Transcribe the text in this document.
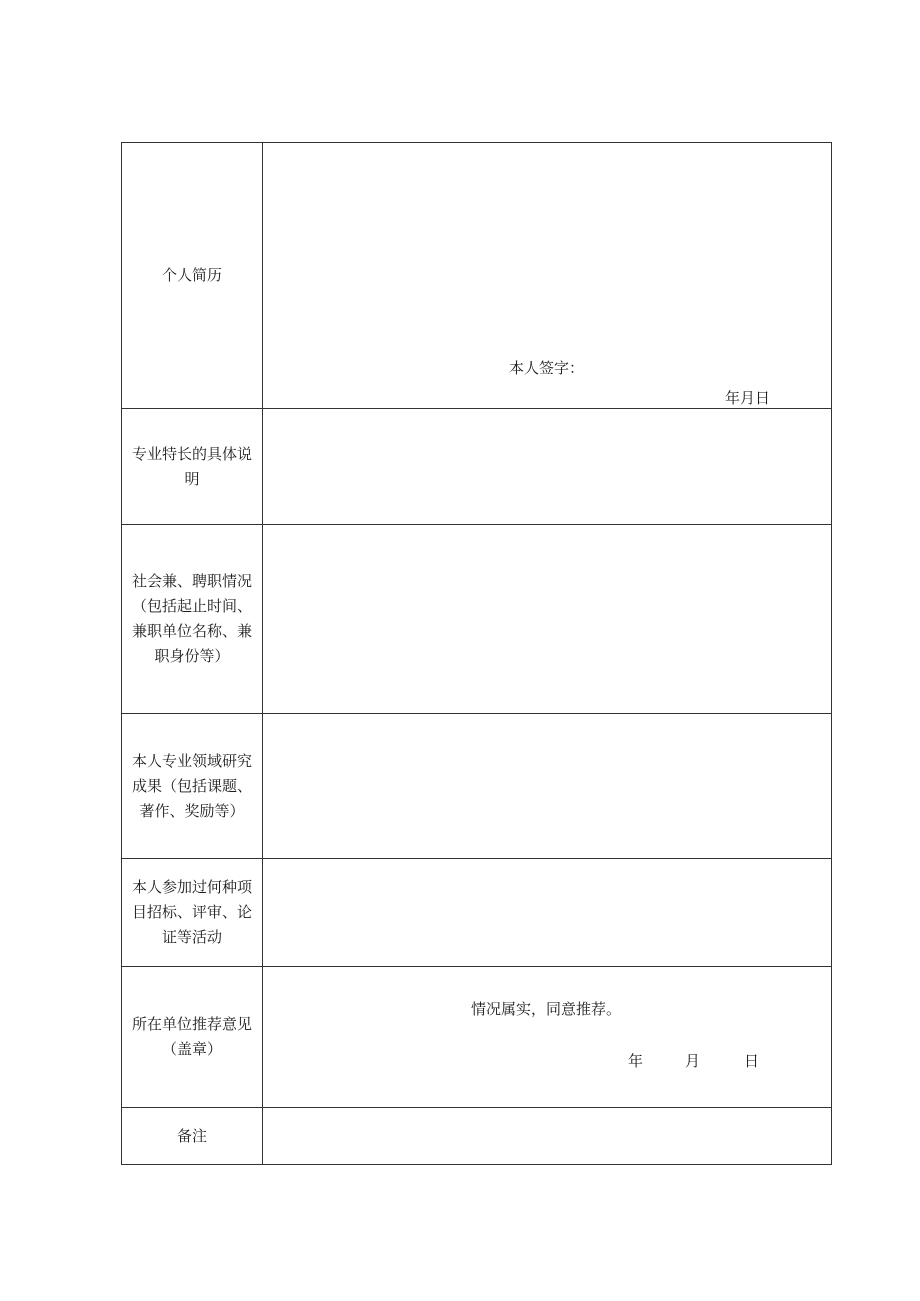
个人简历	本人签字：
年月日

专业特长的具体说明	
社会兼、聘职情况（包括起止时间、兼职单位名称、兼职身份等）	
本人专业领域研究成果（包括课题、著作、奖励等）	
本人参加过何种项目招标、评审、论证等活动	
所在单位推荐意见（盖章）	情况属实，同意推荐。
年 月 日

备注	
